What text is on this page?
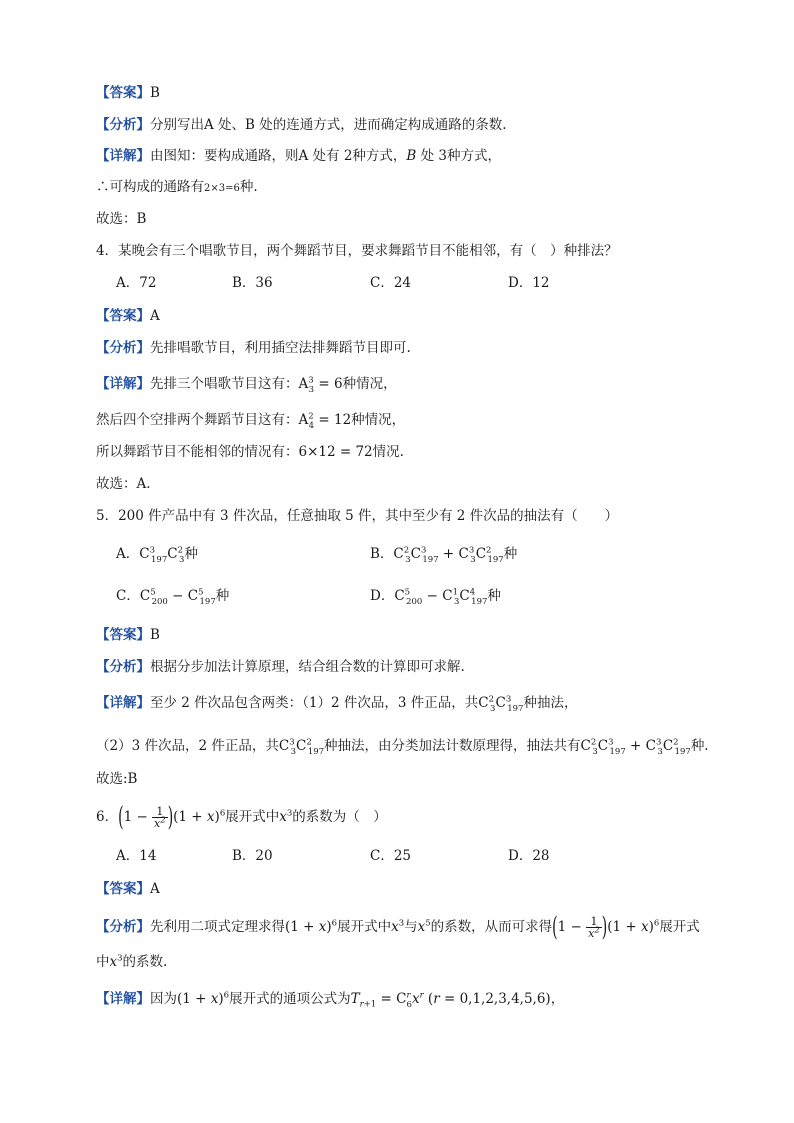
【答案】B
【分析】分别写出A 处、B 处的连通方式，进而确定构成通路的条数.
【详解】由图知：要构成通路，则A 处有 2种方式，B 处 3种方式，
∴可构成的通路有2×3=6种.
故选：B
4．某晚会有三个唱歌节目，两个舞蹈节目，要求舞蹈节目不能相邻，有（　）种排法？
A．72	B．36	C．24	D．12
【答案】A
【分析】先排唱歌节目，利用插空法排舞蹈节目即可.
【详解】先排三个唱歌节目这有：$A^3_3 = 6$种情况，
然后四个空排两个舞蹈节目这有：$A^2_4 = 12$种情况，
所以舞蹈节目不能相邻的情况有：6×12 = 72情况.
故选：A.
5．200 件产品中有 3 件次品，任意抽取 5 件，其中至少有 2 件次品的抽法有（　　）
A．$C^3_{197}C^2_3$种	B．$C^2_3C^3_{197} + C^3_3C^2_{197}$种
C．$C^5_{200} - C^5_{197}$种	D．$C^5_{200} - C^1_3C^4_{197}$种
【答案】B
【分析】根据分步加法计算原理，结合组合数的计算即可求解.
【详解】至少 2 件次品包含两类：（1）2 件次品，3 件正品，共$C^2_3C^3_{197}$种抽法，
（2）3 件次品，2 件正品，共$C^3_3C^2_{197}$种抽法，由分类加法计数原理得，抽法共有$C^2_3C^3_{197} + C^3_3C^2_{197}$种.
故选:B
6．$(1 - \frac{1}{x^2} )(1 + x)^6$展开式中$x^3$的系数为（　）
A．14	B．20	C．25	D．28
【答案】A
【分析】先利用二项式定理求得$(1 + x)^6$展开式中$x^3$与$x^5$的系数，从而可求得$(1 - \frac{1}{x^2} )(1 + x)^6$展开式
中$x^3$的系数.
【详解】因为$(1 + x)^6$展开式的通项公式为$T_{r+1} = C^r_6x^r$ (r = 0,1,2,3,4,5,6)，
